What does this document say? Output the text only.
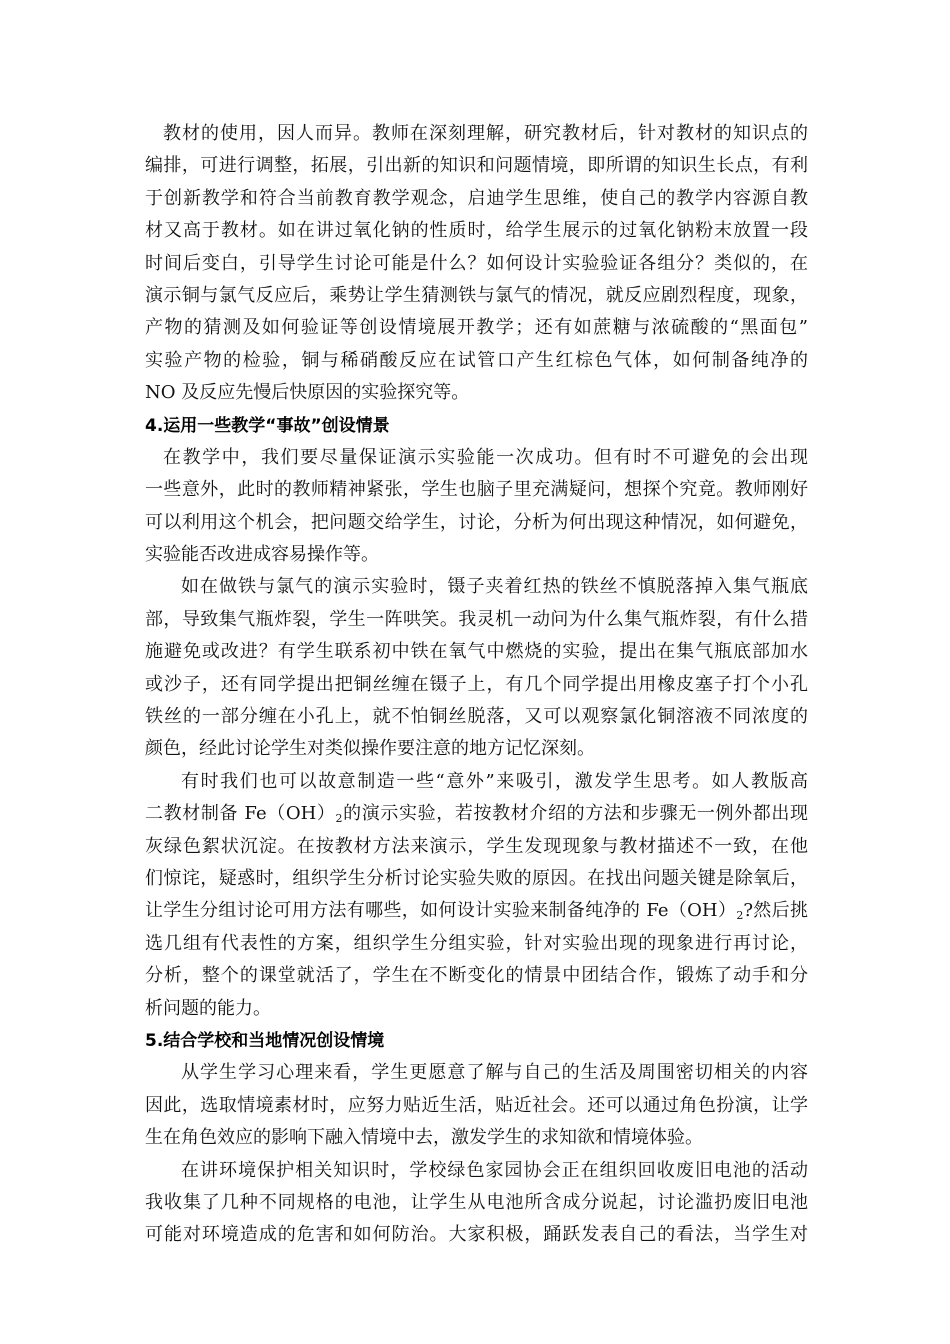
教材的使用，因人而异。教师在深刻理解，研究教材后，针对教材的知识点的
编排，可进行调整，拓展，引出新的知识和问题情境，即所谓的知识生长点，有利
于创新教学和符合当前教育教学观念，启迪学生思维，使自己的教学内容源自教
材又高于教材。如在讲过氧化钠的性质时，给学生展示的过氧化钠粉末放置一段
时间后变白，引导学生讨论可能是什么？如何设计实验验证各组分？类似的，在
演示铜与氯气反应后，乘势让学生猜测铁与氯气的情况，就反应剧烈程度，现象，
产物的猜测及如何验证等创设情境展开教学；还有如蔗糖与浓硫酸的“黑面包”
实验产物的检验，铜与稀硝酸反应在试管口产生红棕色气体，如何制备纯净的
NO 及反应先慢后快原因的实验探究等。
4.运用一些教学“事故”创设情景
在教学中，我们要尽量保证演示实验能一次成功。但有时不可避免的会出现
一些意外，此时的教师精神紧张，学生也脑子里充满疑问，想探个究竟。教师刚好
可以利用这个机会，把问题交给学生，讨论，分析为何出现这种情况，如何避免，
实验能否改进成容易操作等。
如在做铁与氯气的演示实验时，镊子夹着红热的铁丝不慎脱落掉入集气瓶底
部，导致集气瓶炸裂，学生一阵哄笑。我灵机一动问为什么集气瓶炸裂，有什么措
施避免或改进？有学生联系初中铁在氧气中燃烧的实验，提出在集气瓶底部加水
或沙子，还有同学提出把铜丝缠在镊子上，有几个同学提出用橡皮塞子打个小孔
铁丝的一部分缠在小孔上，就不怕铜丝脱落，又可以观察氯化铜溶液不同浓度的
颜色，经此讨论学生对类似操作要注意的地方记忆深刻。
有时我们也可以故意制造一些“意外”来吸引，激发学生思考。如人教版高
二教材制备 $Fe(OH)_2$的演示实验，若按教材介绍的方法和步骤无一例外都出现
灰绿色絮状沉淀。在按教材方法来演示，学生发现现象与教材描述不一致，在他
们惊诧，疑惑时，组织学生分析讨论实验失败的原因。在找出问题关键是除氧后，
让学生分组讨论可用方法有哪些，如何设计实验来制备纯净的 $Fe(OH)_2$?然后挑
选几组有代表性的方案，组织学生分组实验，针对实验出现的现象进行再讨论，
分析，整个的课堂就活了，学生在不断变化的情景中团结合作，锻炼了动手和分
析问题的能力。
5.结合学校和当地情况创设情境
从学生学习心理来看，学生更愿意了解与自己的生活及周围密切相关的内容
因此，选取情境素材时，应努力贴近生活，贴近社会。还可以通过角色扮演，让学
生在角色效应的影响下融入情境中去，激发学生的求知欲和情境体验。
在讲环境保护相关知识时，学校绿色家园协会正在组织回收废旧电池的活动
我收集了几种不同规格的电池，让学生从电池所含成分说起，讨论滥扔废旧电池
可能对环境造成的危害和如何防治。大家积极，踊跃发表自己的看法，当学生对
